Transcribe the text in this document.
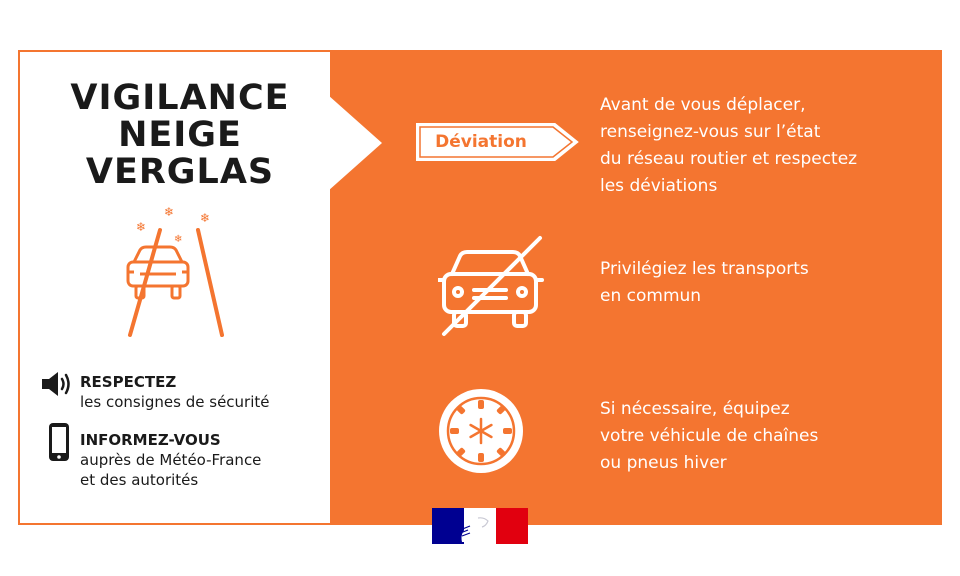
VIGILANCE
NEIGE
VERGLAS
❄
❄ ❄
❄
RESPECTEZ
les consignes de sécurité
INFORMEZ-VOUS
auprès de Météo-France
et des autorités
Déviation
Avant de vous déplacer,
renseignez-vous sur l’état
du réseau routier et respectez
les déviations
Privilégiez les transports
en commun
Si nécessaire, équipez
votre véhicule de chaînes
ou pneus hiver
